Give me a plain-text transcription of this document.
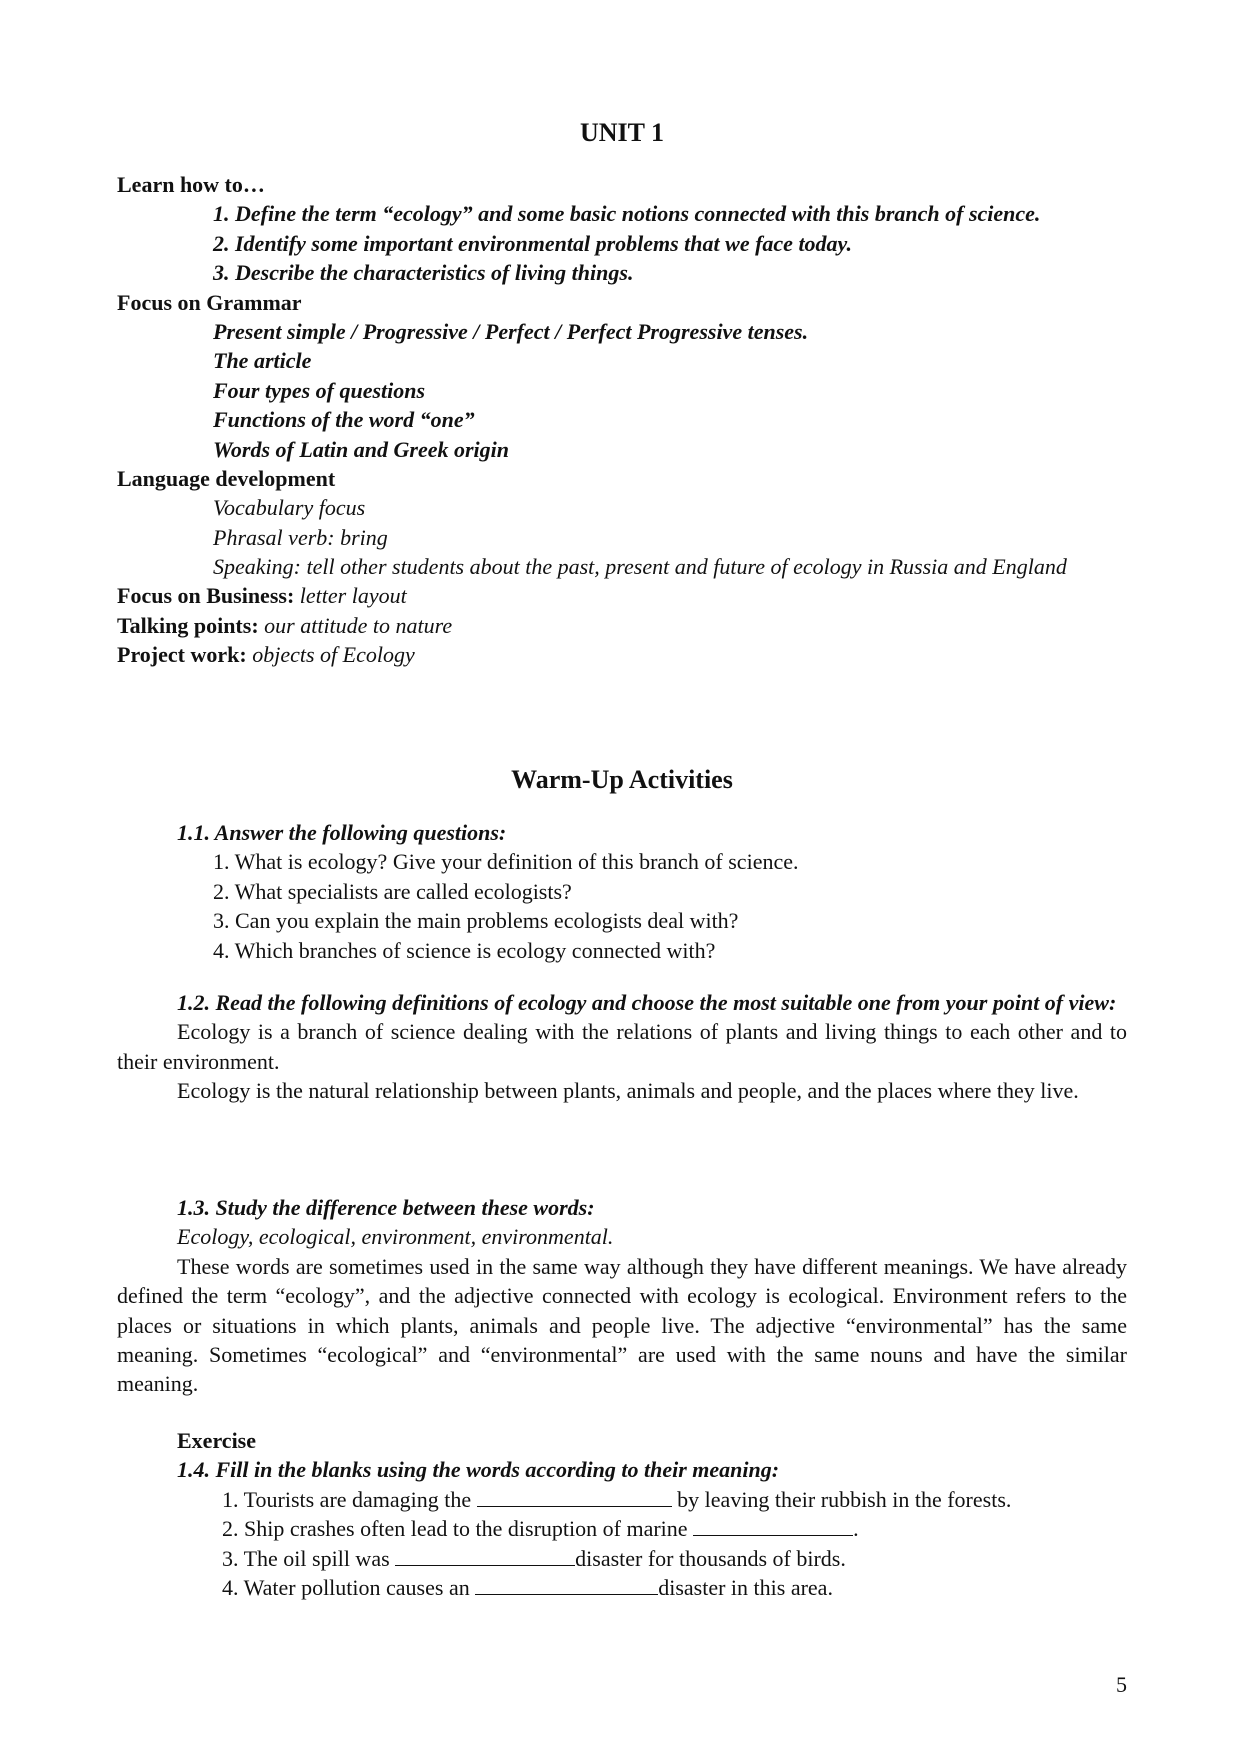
UNIT 1
Learn how to…
1. Define the term “ecology” and some basic notions connected with this branch of science.
2. Identify some important environmental problems that we face today.
3. Describe the characteristics of living things.
Focus on Grammar
Present simple / Progressive / Perfect / Perfect Progressive tenses.
The article
Four types of questions
Functions of the word “one”
Words of Latin and Greek origin
Language development
Vocabulary focus
Phrasal verb: bring
Speaking: tell other students about the past, present and future of ecology in Russia and England
Focus on Business: letter layout
Talking points: our attitude to nature
Project work: objects of Ecology
Warm-Up Activities
1.1. Answer the following questions:
1. What is ecology? Give your definition of this branch of science.
2. What specialists are called ecologists?
3. Can you explain the main problems ecologists deal with?
4. Which branches of science is ecology connected with?
1.2. Read the following definitions of ecology and choose the most suitable one from your point of view:
Ecology is a branch of science dealing with the relations of plants and living things to each other and to their environment.
Ecology is the natural relationship between plants, animals and people, and the places where they live.
1.3. Study the difference between these words:
Ecology, ecological, environment, environmental.
These words are sometimes used in the same way although they have different meanings. We have already defined the term “ecology”, and the adjective connected with ecology is ecological. Environment refers to the places or situations in which plants, animals and people live. The adjective “environmental” has the same meaning. Sometimes “ecological” and “environmental” are used with the same nouns and have the similar meaning.
Exercise
1.4. Fill in the blanks using the words according to their meaning:
1. Tourists are damaging the	by leaving their rubbish in the forests.
2. Ship crashes often lead to the disruption of marine	.
3. The oil spill was	disaster for thousands of birds.
4. Water pollution causes an	disaster in this area.
5
